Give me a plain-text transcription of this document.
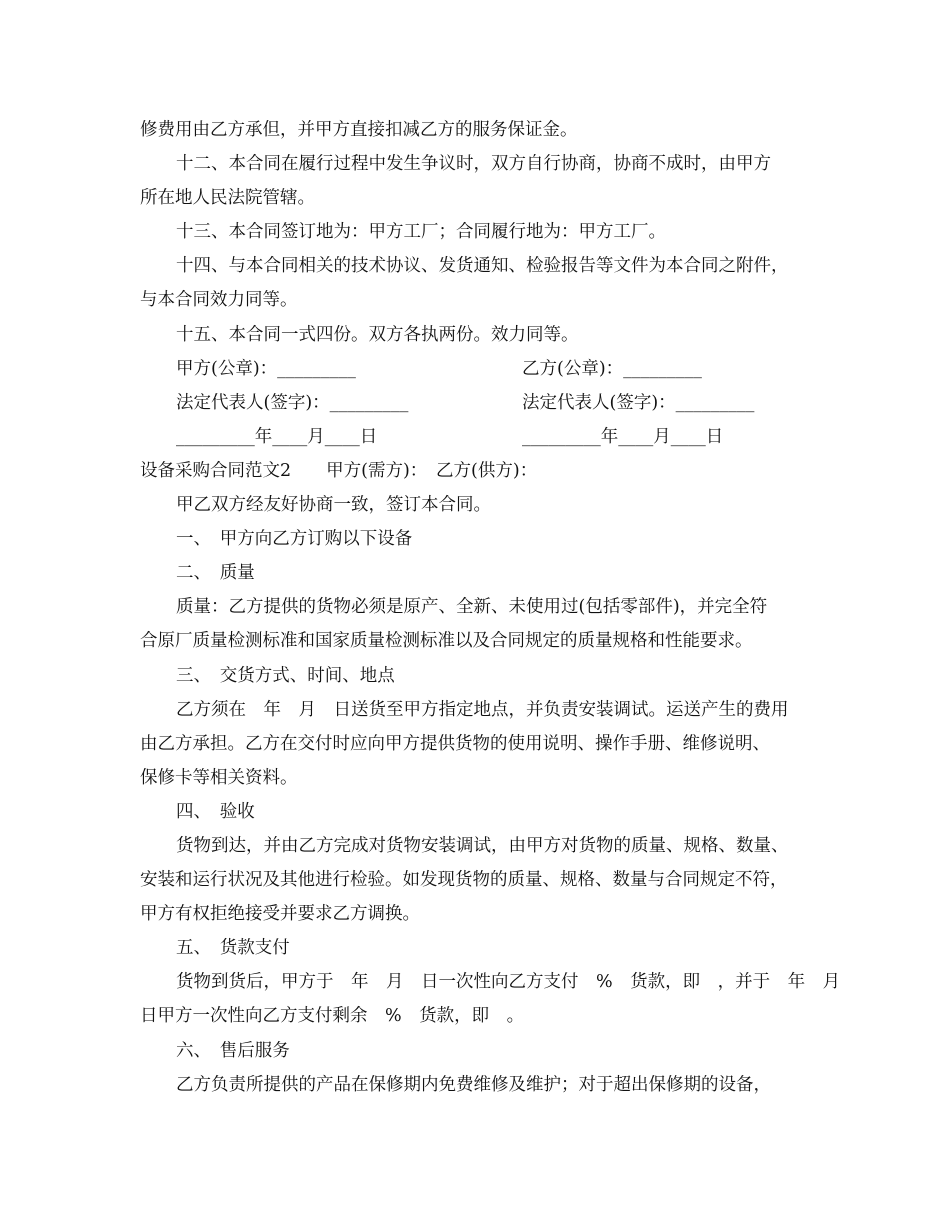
修费用由乙方承但，并甲方直接扣减乙方的服务保证金。
十二、本合同在履行过程中发生争议时，双方自行协商，协商不成时，由甲方
所在地人民法院管辖。
十三、本合同签订地为：甲方工厂；合同履行地为：甲方工厂。
十四、与本合同相关的技术协议、发货通知、检验报告等文件为本合同之附件，
与本合同效力同等。
十五、本合同一式四份。双方各执两份。效力同等。
甲方(公章)：_________	乙方(公章)：_________
法定代表人(签字)：_________	法定代表人(签字)：_________
_________年____月____日	_________年____月____日
设备采购合同范文2　　甲方(需方)：　乙方(供方)：
甲乙双方经友好协商一致，签订本合同。
一、　甲方向乙方订购以下设备
二、　质量
质量：乙方提供的货物必须是原产、全新、未使用过(包括零部件)，并完全符
合原厂质量检测标准和国家质量检测标准以及合同规定的质量规格和性能要求。
三、　交货方式、时间、地点
乙方须在　年　月　日送货至甲方指定地点，并负责安装调试。运送产生的费用
由乙方承担。乙方在交付时应向甲方提供货物的使用说明、操作手册、维修说明、
保修卡等相关资料。
四、　验收
货物到达，并由乙方完成对货物安装调试，由甲方对货物的质量、规格、数量、
安装和运行状况及其他进行检验。如发现货物的质量、规格、数量与合同规定不符，
甲方有权拒绝接受并要求乙方调换。
五、　货款支付
货物到货后，甲方于　年　月　日一次性向乙方支付　%　货款，即　，并于　年　月
日甲方一次性向乙方支付剩余　%　货款，即　。
六、　售后服务
乙方负责所提供的产品在保修期内免费维修及维护；对于超出保修期的设备，
